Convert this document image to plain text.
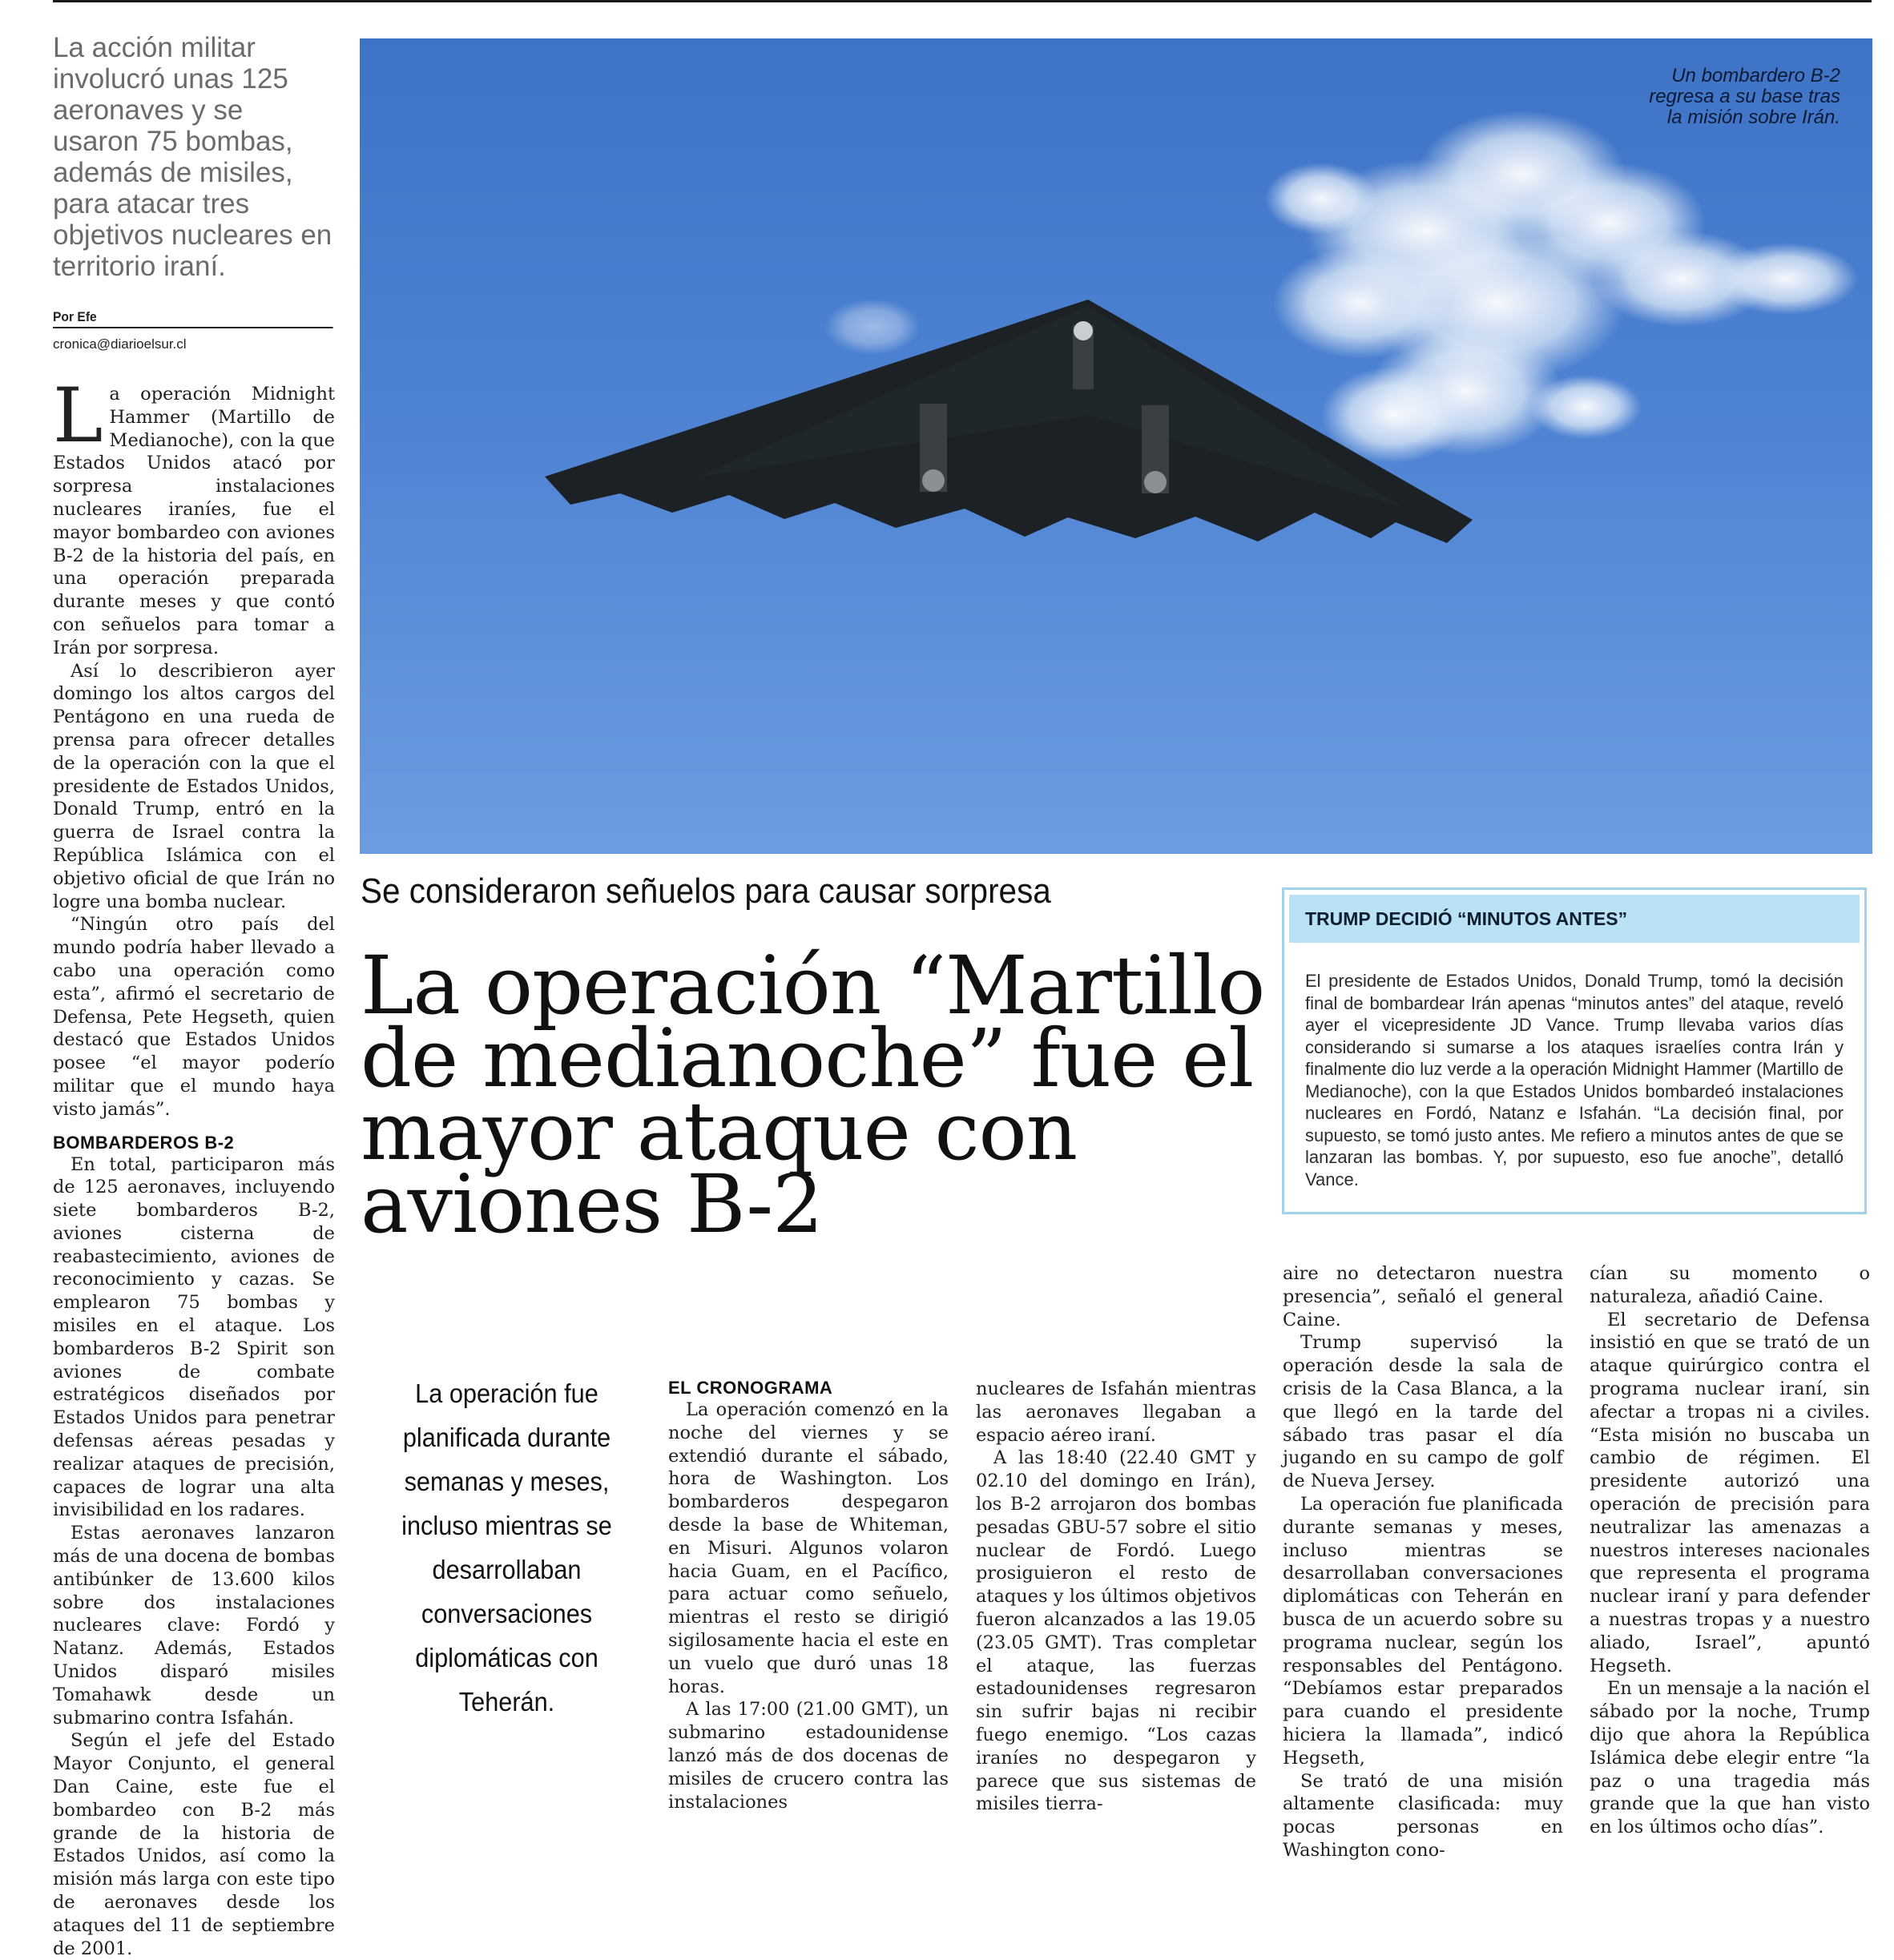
La acción militar involucró unas 125 aeronaves y se usaron 75 bombas, además de misiles, para atacar tres objetivos nucleares en territorio iraní.

Por Efe
cronica@diarioelsur.cl

La operación Midnight Hammer (Martillo de Medianoche), con la que Estados Unidos atacó por sorpresa instalaciones nucleares iraníes, fue el mayor bombardeo con aviones B-2 de la historia del país, en una operación preparada durante meses y que contó con señuelos para tomar a Irán por sorpresa.

Así lo describieron ayer domingo los altos cargos del Pentágono en una rueda de prensa para ofrecer detalles de la operación con la que el presidente de Estados Unidos, Donald Trump, entró en la guerra de Israel contra la República Islámica con el objetivo oficial de que Irán no logre una bomba nuclear.

“Ningún otro país del mundo podría haber llevado a cabo una operación como esta”, afirmó el secretario de Defensa, Pete Hegseth, quien destacó que Estados Unidos posee “el mayor poderío militar que el mundo haya visto jamás”.

BOMBARDEROS B-2

En total, participaron más de 125 aeronaves, incluyendo siete bombarderos B-2, aviones cisterna de reabastecimiento, aviones de reconocimiento y cazas. Se emplearon 75 bombas y misiles en el ataque. Los bombarderos B-2 Spirit son aviones de combate estratégicos diseñados por Estados Unidos para penetrar defensas aéreas pesadas y realizar ataques de precisión, capaces de lograr una alta invisibilidad en los radares.

Estas aeronaves lanzaron más de una docena de bombas antibúnker de 13.600 kilos sobre dos instalaciones nucleares clave: Fordó y Natanz. Además, Estados Unidos disparó misiles Tomahawk desde un submarino contra Isfahán.

Según el jefe del Estado Mayor Conjunto, el general Dan Caine, este fue el bombardeo con B-2 más grande de la historia de Estados Unidos, así como la misión más larga con este tipo de aeronaves desde los ataques del 11 de septiembre de 2001.

Un bombardero B-2 regresa a su base tras la misión sobre Irán.

Se consideraron señuelos para causar sorpresa

La operación “Martillo de medianoche” fue el mayor ataque con aviones B-2
TRUMP DECIDIÓ “MINUTOS ANTES”

El presidente de Estados Unidos, Donald Trump, tomó la decisión final de bombardear Irán apenas “minutos antes” del ataque, reveló ayer el vicepresidente JD Vance. Trump llevaba varios días considerando si sumarse a los ataques israelíes contra Irán y finalmente dio luz verde a la operación Midnight Hammer (Martillo de Medianoche), con la que Estados Unidos bombardeó instalaciones nucleares en Fordó, Natanz e Isfahán. “La decisión final, por supuesto, se tomó justo antes. Me refiero a minutos antes de que se lanzaran las bombas. Y, por supuesto, eso fue anoche”, detalló Vance.

La operación fue planificada durante semanas y meses, incluso mientras se desarrollaban conversaciones diplomáticas con Teherán.

EL CRONOGRAMA

La operación comenzó en la noche del viernes y se extendió durante el sábado, hora de Washington. Los bombarderos despegaron desde la base de Whiteman, en Misuri. Algunos volaron hacia Guam, en el Pacífico, para actuar como señuelo, mientras el resto se dirigió sigilosamente hacia el este en un vuelo que duró unas 18 horas.

A las 17:00 (21.00 GMT), un submarino estadounidense lanzó más de dos docenas de misiles de crucero contra las instalaciones

nucleares de Isfahán mientras las aeronaves llegaban a espacio aéreo iraní.

A las 18:40 (22.40 GMT y 02.10 del domingo en Irán), los B-2 arrojaron dos bombas pesadas GBU-57 sobre el sitio nuclear de Fordó. Luego prosiguieron el resto de ataques y los últimos objetivos fueron alcanzados a las 19.05 (23.05 GMT). Tras completar el ataque, las fuerzas estadounidenses regresaron sin sufrir bajas ni recibir fuego enemigo. “Los cazas iraníes no despegaron y parece que sus sistemas de misiles tierra-

aire no detectaron nuestra presencia”, señaló el general Caine.

Trump supervisó la operación desde la sala de crisis de la Casa Blanca, a la que llegó en la tarde del sábado tras pasar el día jugando en su campo de golf de Nueva Jersey.

La operación fue planificada durante semanas y meses, incluso mientras se desarrollaban conversaciones diplomáticas con Teherán en busca de un acuerdo sobre su programa nuclear, según los responsables del Pentágono. “Debíamos estar preparados para cuando el presidente hiciera la llamada”, indicó Hegseth,

Se trató de una misión altamente clasificada: muy pocas personas en Washington cono-

cían su momento o naturaleza, añadió Caine.

El secretario de Defensa insistió en que se trató de un ataque quirúrgico contra el programa nuclear iraní, sin afectar a tropas ni a civiles. “Esta misión no buscaba un cambio de régimen. El presidente autorizó una operación de precisión para neutralizar las amenazas a nuestros intereses nacionales que representa el programa nuclear iraní y para defender a nuestras tropas y a nuestro aliado, Israel”, apuntó Hegseth.

En un mensaje a la nación el sábado por la noche, Trump dijo que ahora la República Islámica debe elegir entre “la paz o una tragedia más grande que la que han visto en los últimos ocho días”.
